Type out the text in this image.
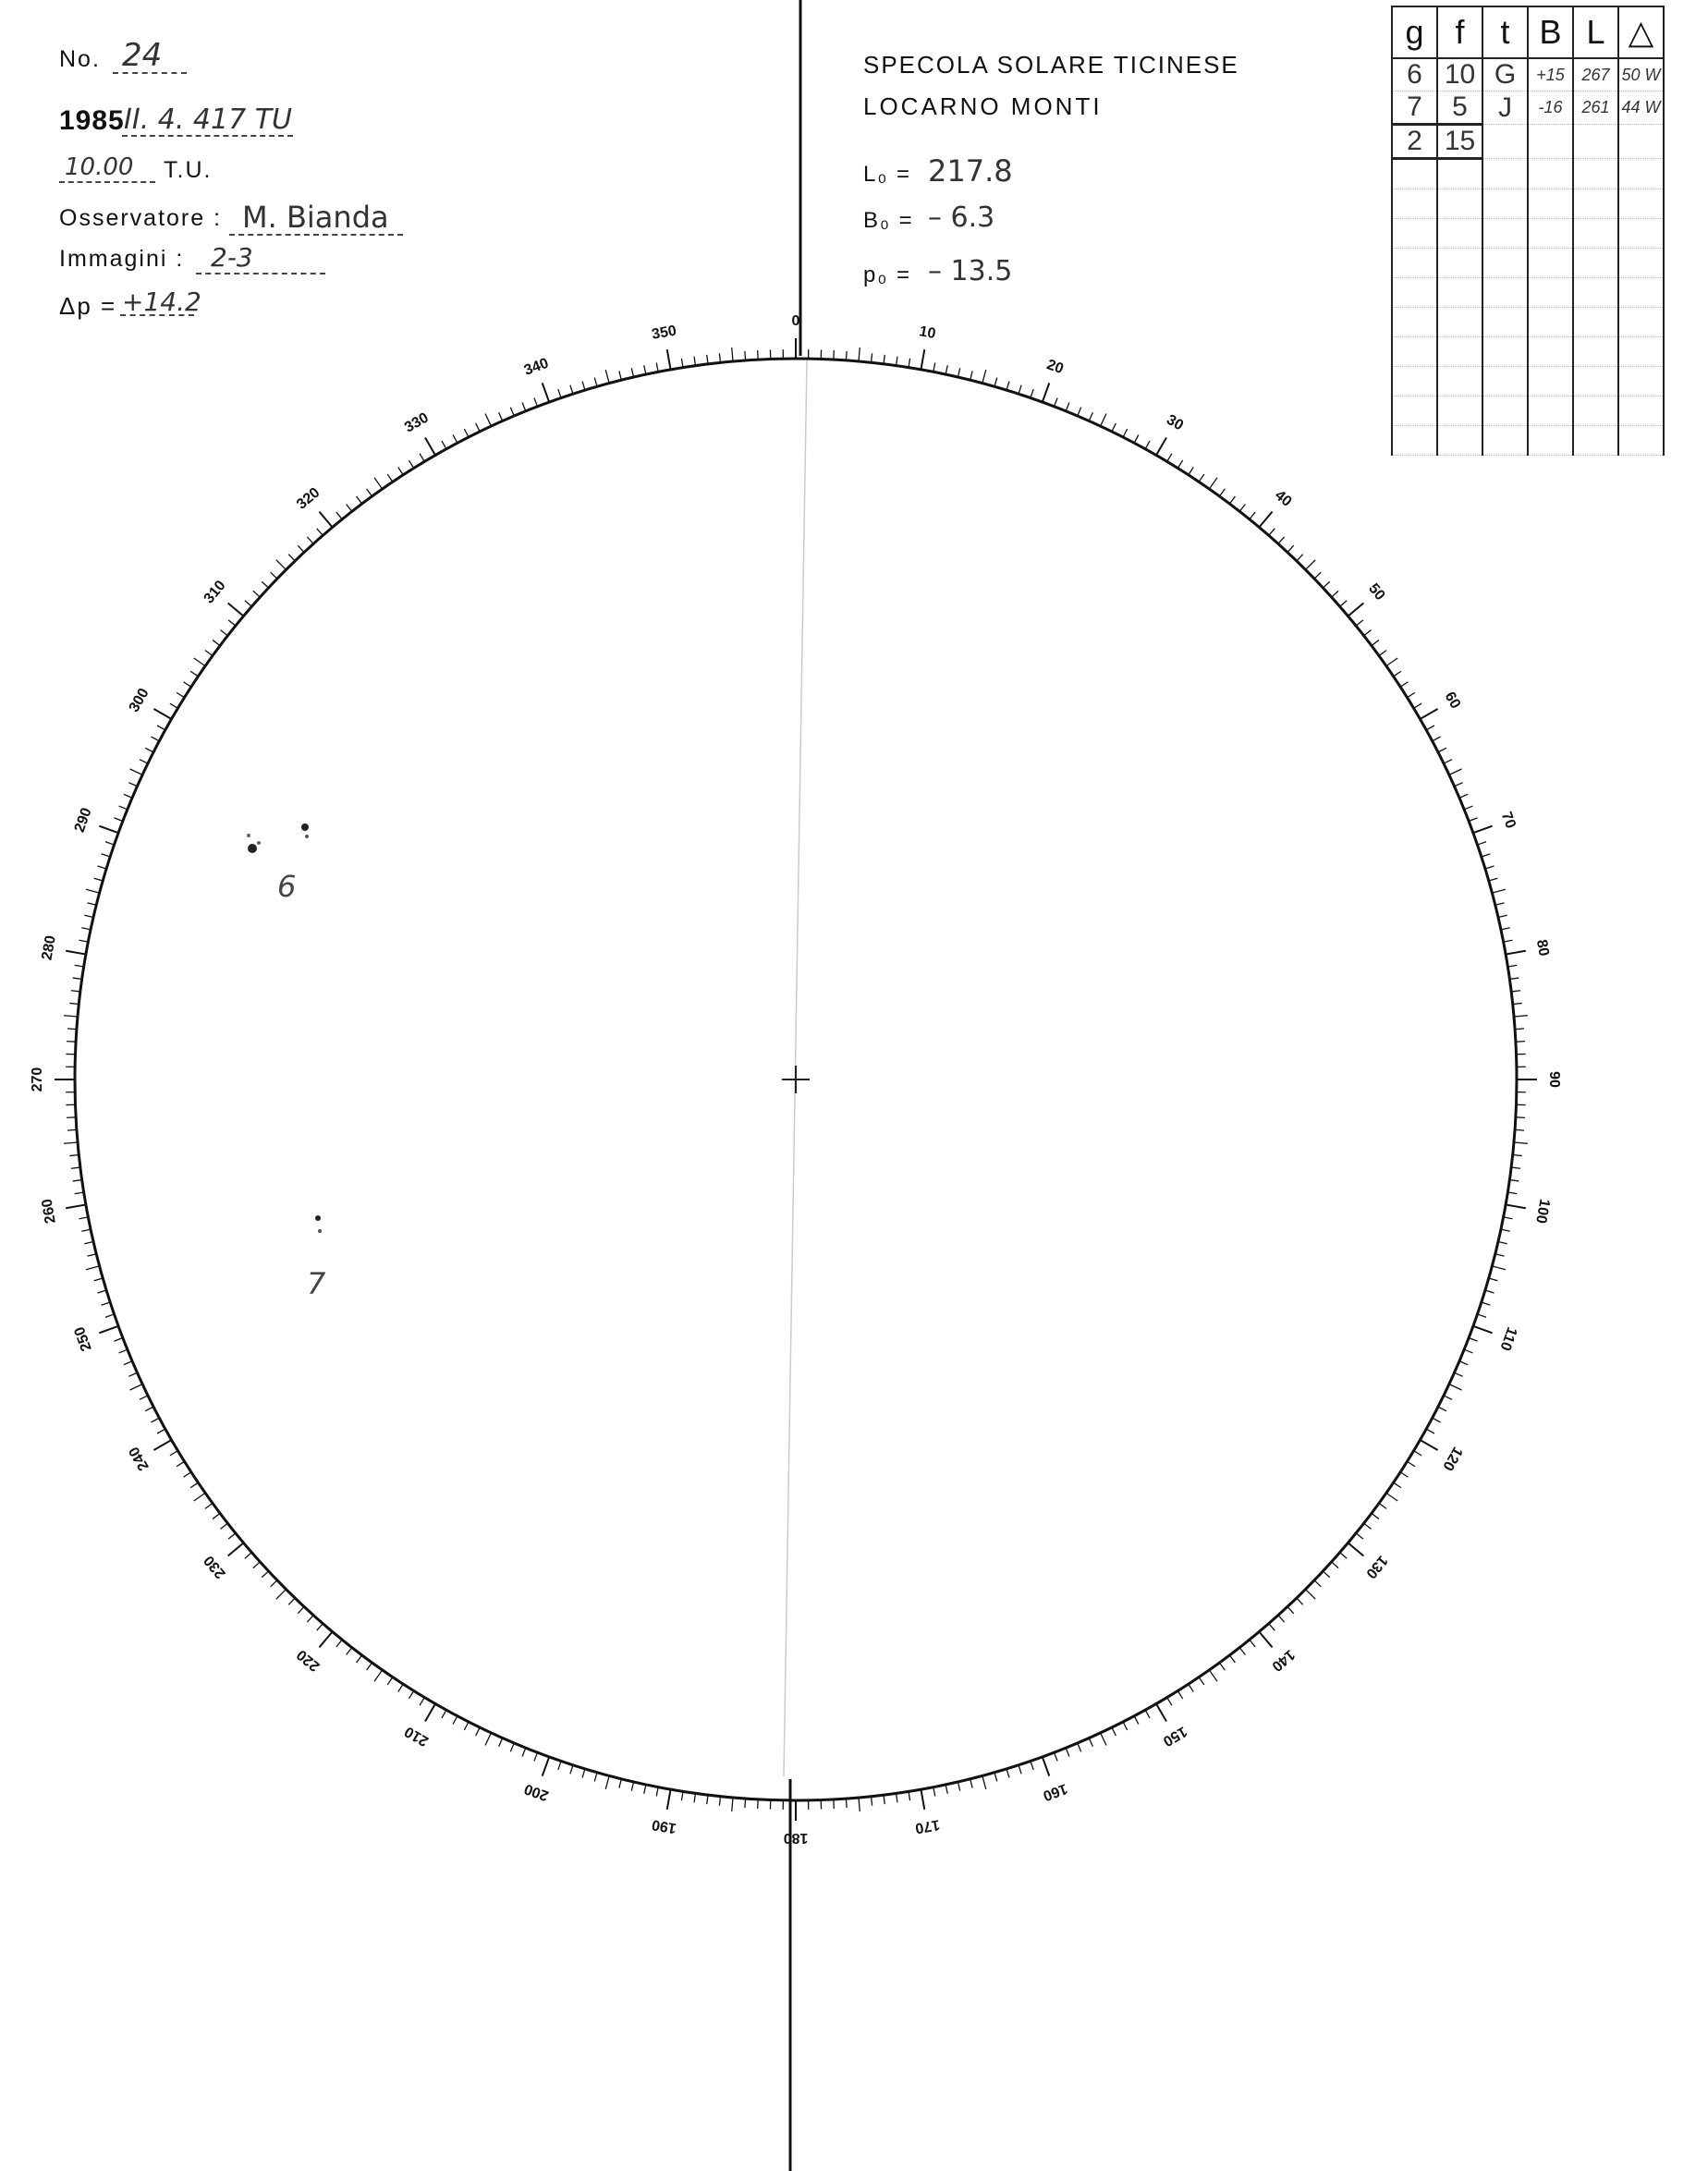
No. 24
1985 II. 4. 417 TU
10.00 T.U.
Osservatore : M. Bianda
Immagini : 2-3
Δp = +14.2
SPECOLA SOLARE TICINESE
LOCARNO MONTI
L₀ = 217.8
B₀ = – 6.3
p₀ = – 13.5
g	f	t	B	L	△
6	10	G	+15	267	50 W
7	5	J	-16	261	44 W
2	15				

0
10
20
30
40
50
60
70
80
90
100
110
120
130
140
150
160
170
180
190
200
210
220
230
240
250
260
270
280
290
300
310
320
330
340
350
6
7
